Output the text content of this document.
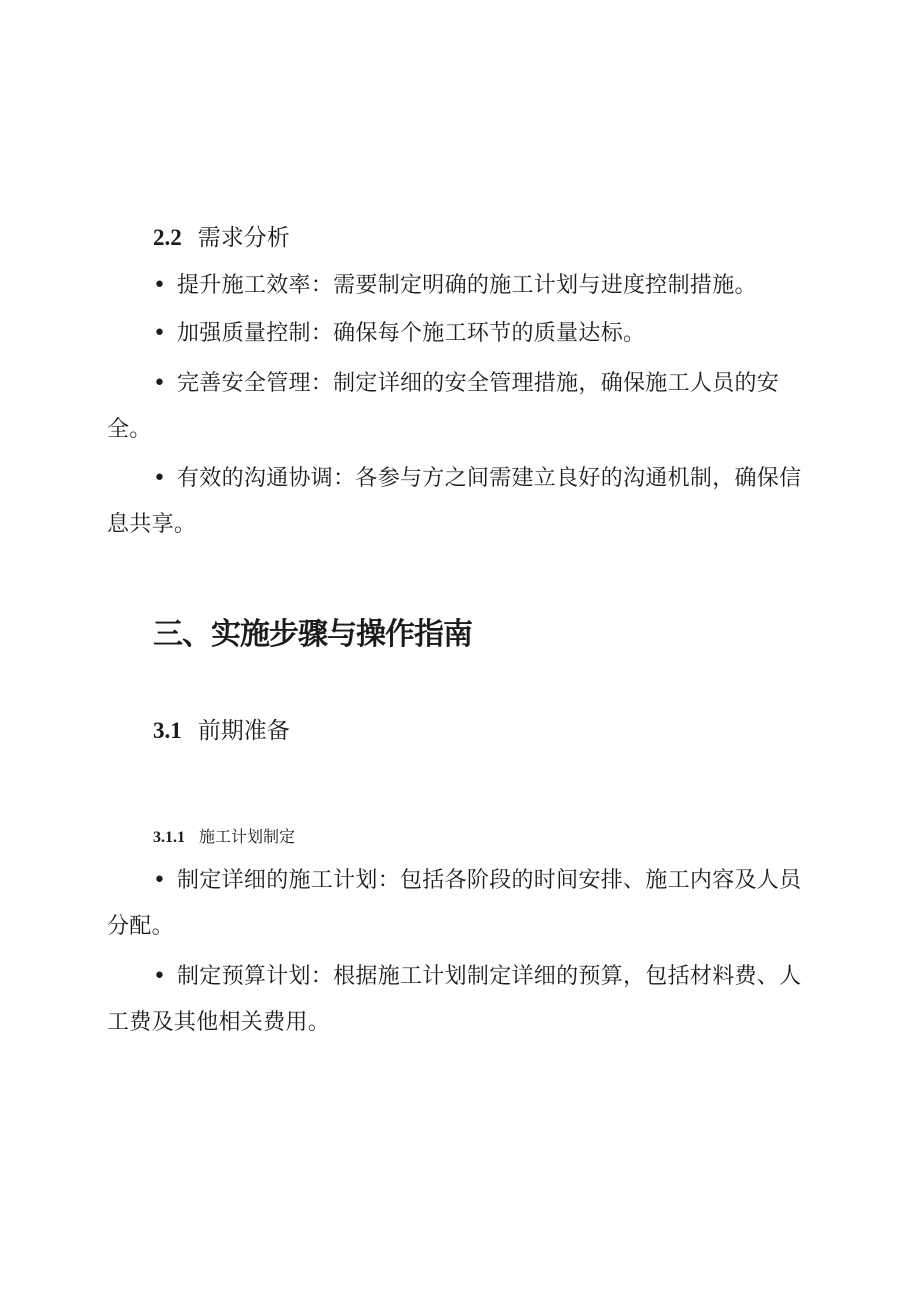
2.2 需求分析
• 提升施工效率：需要制定明确的施工计划与进度控制措施。
• 加强质量控制：确保每个施工环节的质量达标。
• 完善安全管理：制定详细的安全管理措施，确保施工人员的安全。
• 有效的沟通协调：各参与方之间需建立良好的沟通机制，确保信息共享。
三、实施步骤与操作指南
3.1 前期准备
3.1.1 施工计划制定
• 制定详细的施工计划：包括各阶段的时间安排、施工内容及人员分配。
• 制定预算计划：根据施工计划制定详细的预算，包括材料费、人工费及其他相关费用。
